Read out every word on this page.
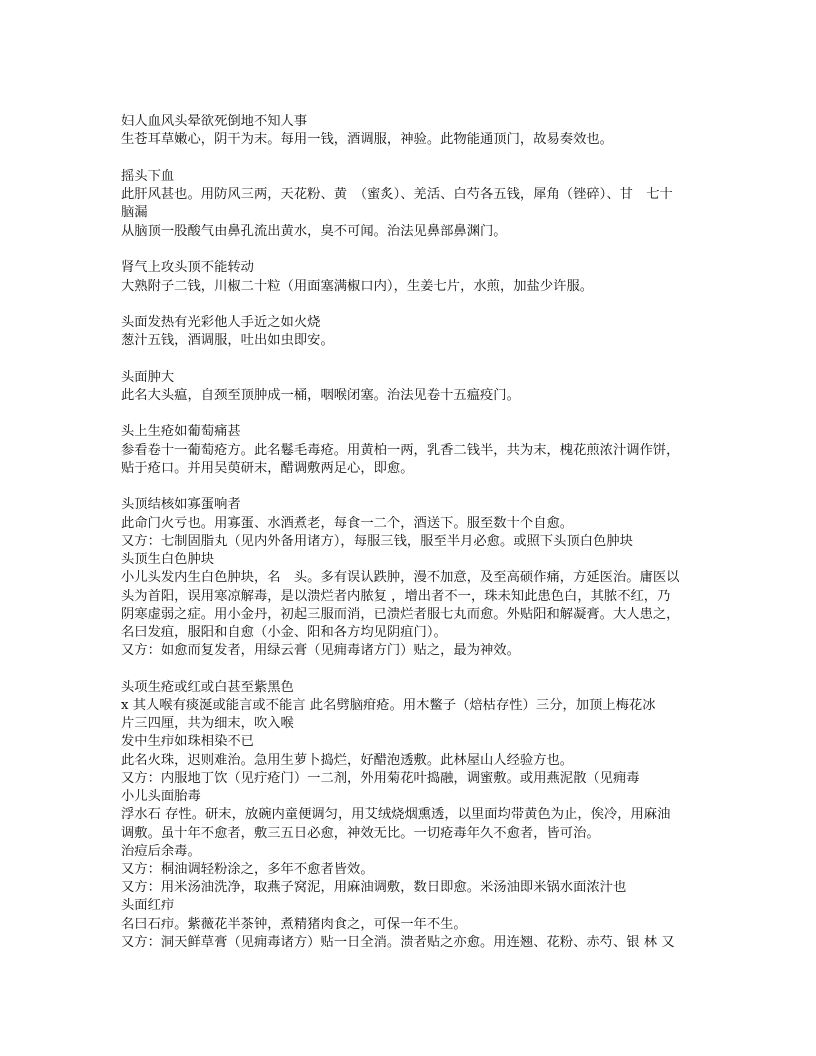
妇人血风头晕欲死倒地不知人事
生苍耳草嫩心，阴干为末。每用一钱，酒调服，神验。此物能通顶门，故易奏效也。
摇头下血
此肝风甚也。用防风三两，天花粉、黄　（蜜炙）、羌活、白芍各五钱，犀角（锉碎）、甘　七十
脑漏
从脑顶一股酸气由鼻孔流出黄水，臭不可闻。治法见鼻部鼻渊门。
肾气上攻头顶不能转动
大熟附子二钱，川椒二十粒（用面塞满椒口内），生姜七片，水煎，加盐少许服。
头面发热有光彩他人手近之如火烧
葱汁五钱，酒调服，吐出如虫即安。
头面肿大
此名大头瘟，自颈至顶肿成一桶，咽喉闭塞。治法见卷十五瘟疫门。
头上生疮如葡萄痛甚
参看卷十一葡萄疮方。此名鬈毛毒疮。用黄柏一两，乳香二钱半，共为末，槐花煎浓汁调作饼，
贴于疮口。并用吴萸研末，醋调敷两足心，即愈。
头顶结核如寡蛋响者
此命门火亏也。用寡蛋、水酒煮老，每食一二个，酒送下。服至数十个自愈。
又方：七制固脂丸（见内外备用诸方），每服三钱，服至半月必愈。或照下头顶白色肿块
头顶生白色肿块
小儿头发内生白色肿块，名　头。多有误认跌肿，漫不加意，及至高硕作痛，方延医治。庸医以
头为首阳，误用寒凉解毒，是以溃烂者内脓复 ，增出者不一，珠未知此患色白，其脓不红，乃
阴寒虚弱之症。用小金丹，初起三服而消，已溃烂者服七丸而愈。外贴阳和解凝膏。大人患之，
名曰发疽，服阳和自愈（小金、阳和各方均见阴疽门）。
又方：如愈而复发者，用绿云膏（见痈毒诸方门）贴之，最为神效。
头项生疮或红或白甚至紫黑色
x 其人喉有痰涎或能言或不能言 此名劈脑疳疮。用木鳖子（焙枯存性）三分，加顶上梅花冰
片三四厘，共为细末，吹入喉
发中生疖如珠相染不已
此名火珠，迟则难治。急用生萝卜捣烂，好醋泡透敷。此林屋山人经验方也。
又方：内服地丁饮（见疔疮门）一二剂，外用菊花叶捣融，调蜜敷。或用燕泥散（见痈毒
小儿头面胎毒
浮水石 存性。研末，放碗内童便调匀，用艾绒烧烟熏透，以里面均带黄色为止，俟冷，用麻油
调敷。虽十年不愈者，敷三五日必愈，神效无比。一切疮毒年久不愈者，皆可治。
治痘后余毒。
又方：桐油调轻粉涂之，多年不愈者皆效。
又方：用米汤油洗净，取燕子窝泥，用麻油调敷，数日即愈。米汤油即米锅水面浓汁也
头面红疖
名曰石疖。紫薇花半茶钟，煮精猪肉食之，可保一年不生。
又方：洞天鲜草膏（见痈毒诸方）贴一日全消。溃者贴之亦愈。用连翘、花粉、赤芍、银 林 又
